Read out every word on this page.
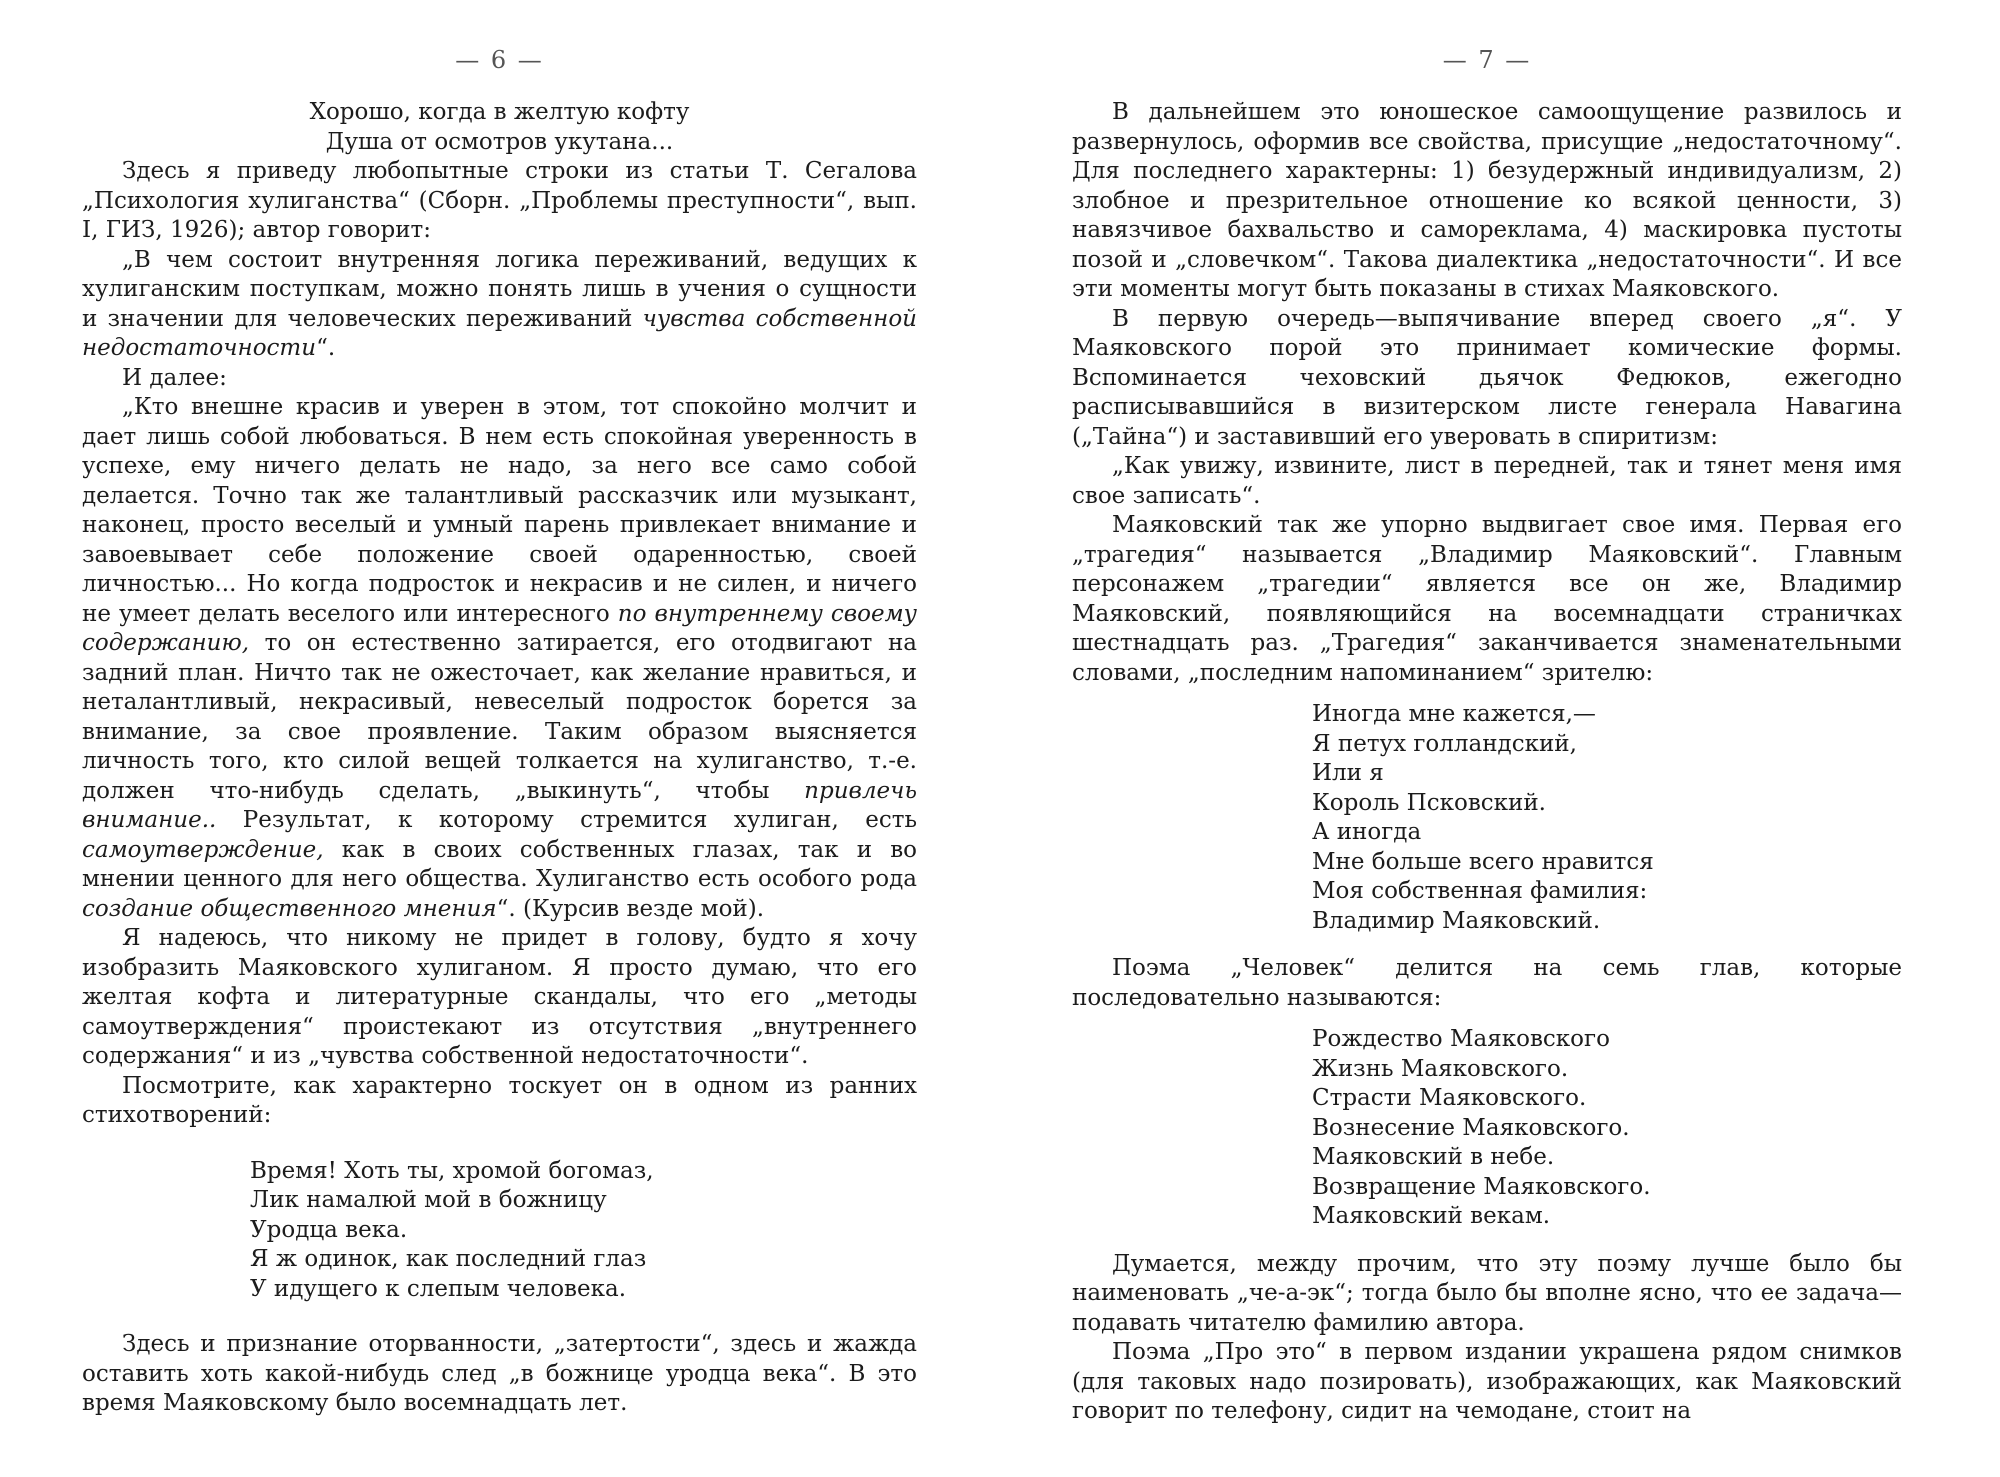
— 6 —
Хорошо, когда в желтую кофту
Душа от осмотров укутана...

Здесь я приведу любопытные строки из статьи Т. Сегалова „Психология хулиганства“ (Сборн. „Проблемы преступности“, вып. I, ГИЗ, 1926); автор говорит:

„В чем состоит внутренняя логика переживаний, ведущих к хулиганским поступкам, можно понять лишь в учения о сущности и значении для человеческих переживаний чувства собственной недостаточности“.

И далее:

„Кто внешне красив и уверен в этом, тот спокойно молчит и дает лишь собой любоваться. В нем есть спокойная уверенность в успехе, ему ничего делать не надо, за него все само собой делается. Точно так же талантливый рассказчик или музыкант, наконец, просто веселый и умный парень привлекает внимание и завоевывает себе положение своей одаренностью, своей личностью... Но когда подросток и некрасив и не силен, и ничего не умеет делать веселого или интересного по внутреннему своему содержанию, то он естественно затирается, его отодвигают на задний план. Ничто так не ожесточает, как желание нравиться, и неталантливый, некрасивый, невеселый подросток борется за внимание, за свое проявление. Таким образом выясняется личность того, кто силой вещей толкается на хулиганство, т.-е. должен что-нибудь сделать, „выкинуть“, чтобы привлечь внимание.. Результат, к которому стремится хулиган, есть самоутверждение, как в своих собственных глазах, так и во мнении ценного для него общества. Хулиганство есть особого рода создание общественного мнения“. (Курсив везде мой).

Я надеюсь, что никому не придет в голову, будто я хочу изобразить Маяковского хулиганом. Я просто думаю, что его желтая кофта и литературные скандалы, что его „методы самоутверждения“ проистекают из отсутствия „внутреннего содержания“ и из „чувства собственной недостаточности“.

Посмотрите, как характерно тоскует он в одном из ранних стихотворений:

Время! Хоть ты, хромой богомаз,
Лик намалюй мой в божницу
Уродца века.
Я ж одинок, как последний глаз
У идущего к слепым человека.

Здесь и признание оторванности, „затертости“, здесь и жажда оставить хоть какой-нибудь след „в божнице уродца века“. В это время Маяковскому было восемнадцать лет.

— 7 —

В дальнейшем это юношеское самоощущение развилось и развернулось, оформив все свойства, присущие „недостаточному“. Для последнего характерны: 1) безудержный индивидуализм, 2) злобное и презрительное отношение ко всякой ценности, 3) навязчивое бахвальство и самореклама, 4) маскировка пустоты позой и „словечком“. Такова диалектика „недостаточности“. И все эти моменты могут быть показаны в стихах Маяковского.

В первую очередь—выпячивание вперед своего „я“. У Маяковского порой это принимает комические формы. Вспоминается чеховский дьячок Федюков, ежегодно расписывавшийся в визитерском листе генерала Навагина („Тайна“) и заставивший его уверовать в спиритизм:

„Как увижу, извините, лист в передней, так и тянет меня имя свое записать“.

Маяковский так же упорно выдвигает свое имя. Первая его „трагедия“ называется „Владимир Маяковский“. Главным персонажем „трагедии“ является все он же, Владимир Маяковский, появляющийся на восемнадцати страничках шестнадцать раз. „Трагедия“ заканчивается знаменательными словами, „последним напоминанием“ зрителю:

Иногда мне кажется,—
Я петух голландский,
Или я
Король Псковский.
А иногда
Мне больше всего нравится
Моя собственная фамилия:
Владимир Маяковский.

Поэма „Человек“ делится на семь глав, которые последовательно называются:

Рождество Маяковского
Жизнь Маяковского.
Страсти Маяковского.
Вознесение Маяковского.
Маяковский в небе.
Возвращение Маяковского.
Маяковский векам.

Думается, между прочим, что эту поэму лучше было бы наименовать „че-а-эк“; тогда было бы вполне ясно, что ее задача—подавать читателю фамилию автора.

Поэма „Про это“ в первом издании украшена рядом снимков (для таковых надо позировать), изображающих, как Маяковский говорит по телефону, сидит на чемодане, стоит на
